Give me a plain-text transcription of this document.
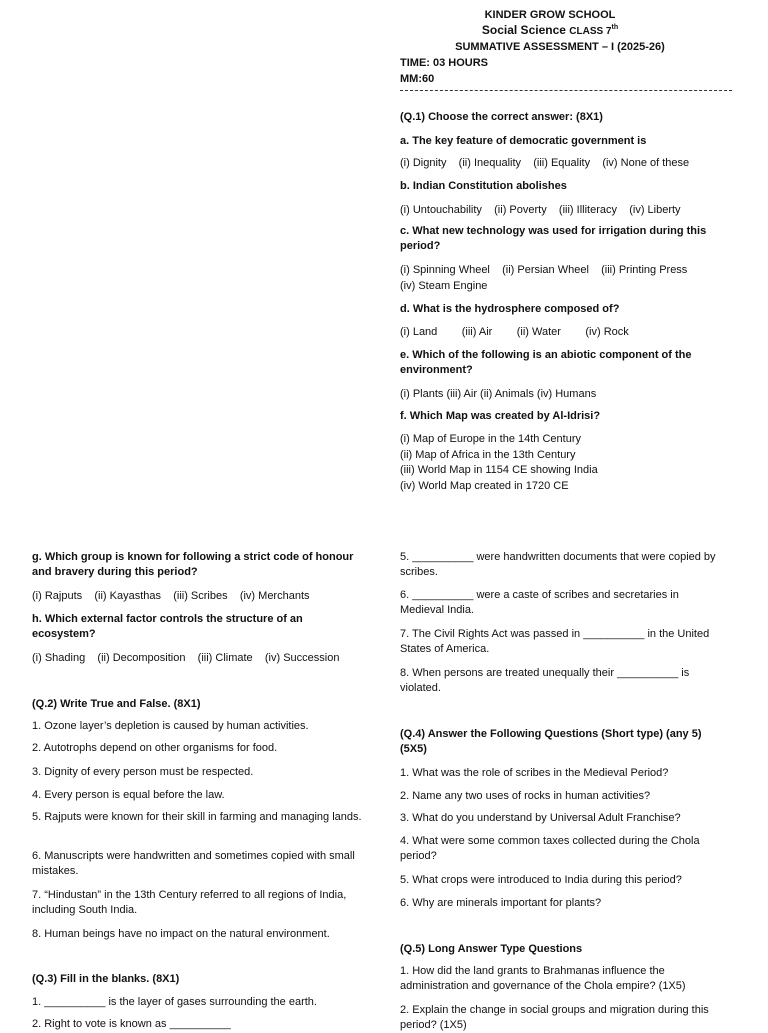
KINDER GROW SCHOOL
Social Science CLASS 7th
SUMMATIVE ASSESSMENT – I (2025-26)
TIME: 03 HOURS
MM:60
(Q.1) Choose the correct answer: (8X1)
a. The key feature of democratic government is
(i) Dignity    (ii) Inequality    (iii) Equality    (iv) None of these
b. Indian Constitution abolishes
(i) Untouchability    (ii) Poverty    (iii) Illiteracy    (iv) Liberty
c. What new technology was used for irrigation during this period?
(i) Spinning Wheel    (ii) Persian Wheel    (iii) Printing Press
(iv) Steam Engine
d. What is the hydrosphere composed of?
(i) Land        (iii) Air        (ii) Water        (iv) Rock
e. Which of the following is an abiotic component of the environment?
(i) Plants (iii) Air (ii) Animals (iv) Humans
f. Which Map was created by Al-Idrisi?
(i) Map of Europe in the 14th Century
(ii) Map of Africa in the 13th Century
(iii) World Map in 1154 CE showing India
(iv) World Map created in 1720 CE
g. Which group is known for following a strict code of honour and bravery during this period?
(i) Rajputs    (ii) Kayasthas    (iii) Scribes    (iv) Merchants
h. Which external factor controls the structure of an ecosystem?
(i) Shading    (ii) Decomposition    (iii) Climate    (iv) Succession
(Q.2) Write True and False. (8X1)
1. Ozone layer’s depletion is caused by human activities.
2. Autotrophs depend on other organisms for food.
3. Dignity of every person must be respected.
4. Every person is equal before the law.
5. Rajputs were known for their skill in farming and managing lands.
6. Manuscripts were handwritten and sometimes copied with small mistakes.
7. “Hindustan” in the 13th Century referred to all regions of India, including South India.
8. Human beings have no impact on the natural environment.
(Q.3) Fill in the blanks. (8X1)
1. __________ is the layer of gases surrounding the earth.
2. Right to vote is known as __________
5. __________ were handwritten documents that were copied by scribes.
6. __________ were a caste of scribes and secretaries in Medieval India.
7. The Civil Rights Act was passed in __________ in the United States of America.
8. When persons are treated unequally their __________ is violated.
(Q.4) Answer the Following Questions (Short type) (any 5) (5X5)
1. What was the role of scribes in the Medieval Period?
2. Name any two uses of rocks in human activities?
3. What do you understand by Universal Adult Franchise?
4. What were some common taxes collected during the Chola period?
5. What crops were introduced to India during this period?
6. Why are minerals important for plants?
(Q.5) Long Answer Type Questions
1. How did the land grants to Brahmanas influence the administration and governance of the Chola empire? (1X5)
2. Explain the change in social groups and migration during this period? (1X5)
